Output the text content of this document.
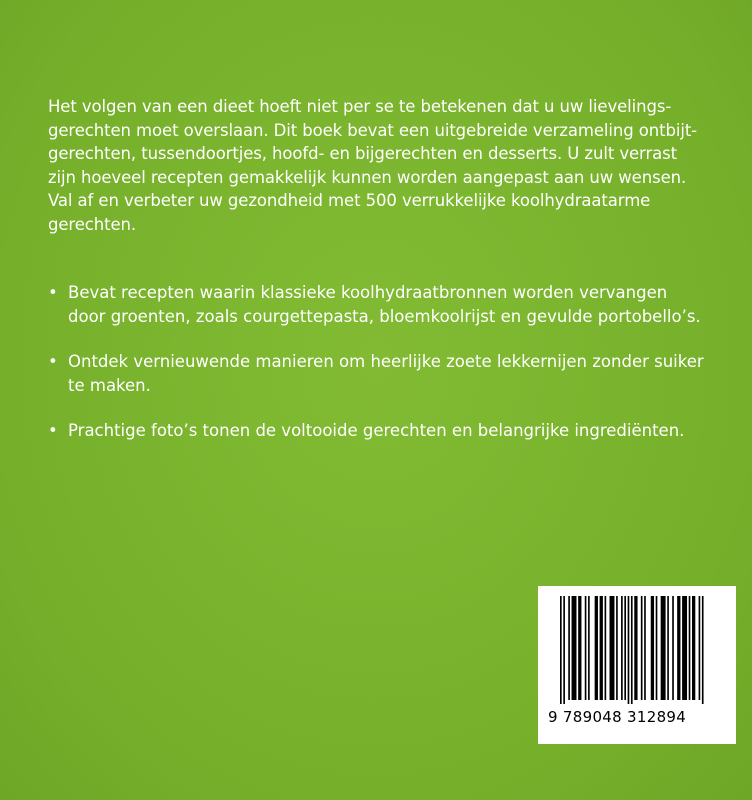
Het volgen van een dieet hoeft niet per se te betekenen dat u uw lievelings-
gerechten moet overslaan. Dit boek bevat een uitgebreide verzameling ontbijt-
gerechten, tussendoortjes, hoofd- en bijgerechten en desserts. U zult verrast
zijn hoeveel recepten gemakkelijk kunnen worden aangepast aan uw wensen.
Val af en verbeter uw gezondheid met 500 verrukkelijke koolhydraatarme
gerechten.

• Bevat recepten waarin klassieke koolhydraatbronnen worden vervangen
door groenten, zoals courgettepasta, bloemkoolrijst en gevulde portobello’s.
• Ontdek vernieuwende manieren om heerlijke zoete lekkernijen zonder suiker
te maken.
• Prachtige foto’s tonen de voltooide gerechten en belangrijke ingrediënten.
9 789048 312894
